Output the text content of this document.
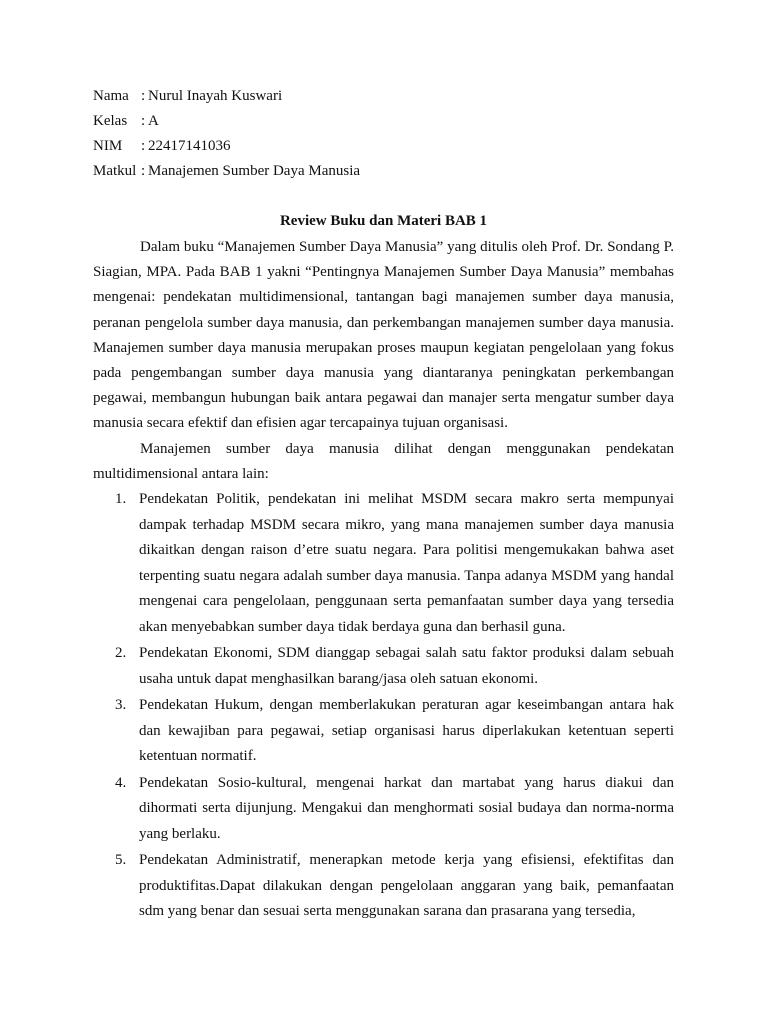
Nama : Nurul Inayah Kuswari
Kelas : A
NIM : 22417141036
Matkul : Manajemen Sumber Daya Manusia
Review Buku dan Materi BAB 1

Dalam buku “Manajemen Sumber Daya Manusia” yang ditulis oleh Prof. Dr. Sondang P. Siagian, MPA. Pada BAB 1 yakni “Pentingnya Manajemen Sumber Daya Manusia” membahas mengenai: pendekatan multidimensional, tantangan bagi manajemen sumber daya manusia, peranan pengelola sumber daya manusia, dan perkembangan manajemen sumber daya manusia. Manajemen sumber daya manusia merupakan proses maupun kegiatan pengelolaan yang fokus pada pengembangan sumber daya manusia yang diantaranya peningkatan perkembangan pegawai, membangun hubungan baik antara pegawai dan manajer serta mengatur sumber daya manusia secara efektif dan efisien agar tercapainya tujuan organisasi.

Manajemen sumber daya manusia dilihat dengan menggunakan pendekatan multidimensional antara lain:

1. Pendekatan Politik, pendekatan ini melihat MSDM secara makro serta mempunyai dampak terhadap MSDM secara mikro, yang mana manajemen sumber daya manusia dikaitkan dengan raison d’etre suatu negara. Para politisi mengemukakan bahwa aset terpenting suatu negara adalah sumber daya manusia. Tanpa adanya MSDM yang handal mengenai cara pengelolaan, penggunaan serta pemanfaatan sumber daya yang tersedia akan menyebabkan sumber daya tidak berdaya guna dan berhasil guna.
2. Pendekatan Ekonomi, SDM dianggap sebagai salah satu faktor produksi dalam sebuah usaha untuk dapat menghasilkan barang/jasa oleh satuan ekonomi.
3. Pendekatan Hukum, dengan memberlakukan peraturan agar keseimbangan antara hak dan kewajiban para pegawai, setiap organisasi harus diperlakukan ketentuan seperti ketentuan normatif.
4. Pendekatan Sosio-kultural, mengenai harkat dan martabat yang harus diakui dan dihormati serta dijunjung. Mengakui dan menghormati sosial budaya dan norma-norma yang berlaku.
5. Pendekatan Administratif, menerapkan metode kerja yang efisiensi, efektifitas dan produktifitas.Dapat dilakukan dengan pengelolaan anggaran yang baik, pemanfaatan sdm yang benar dan sesuai serta menggunakan sarana dan prasarana yang tersedia,
